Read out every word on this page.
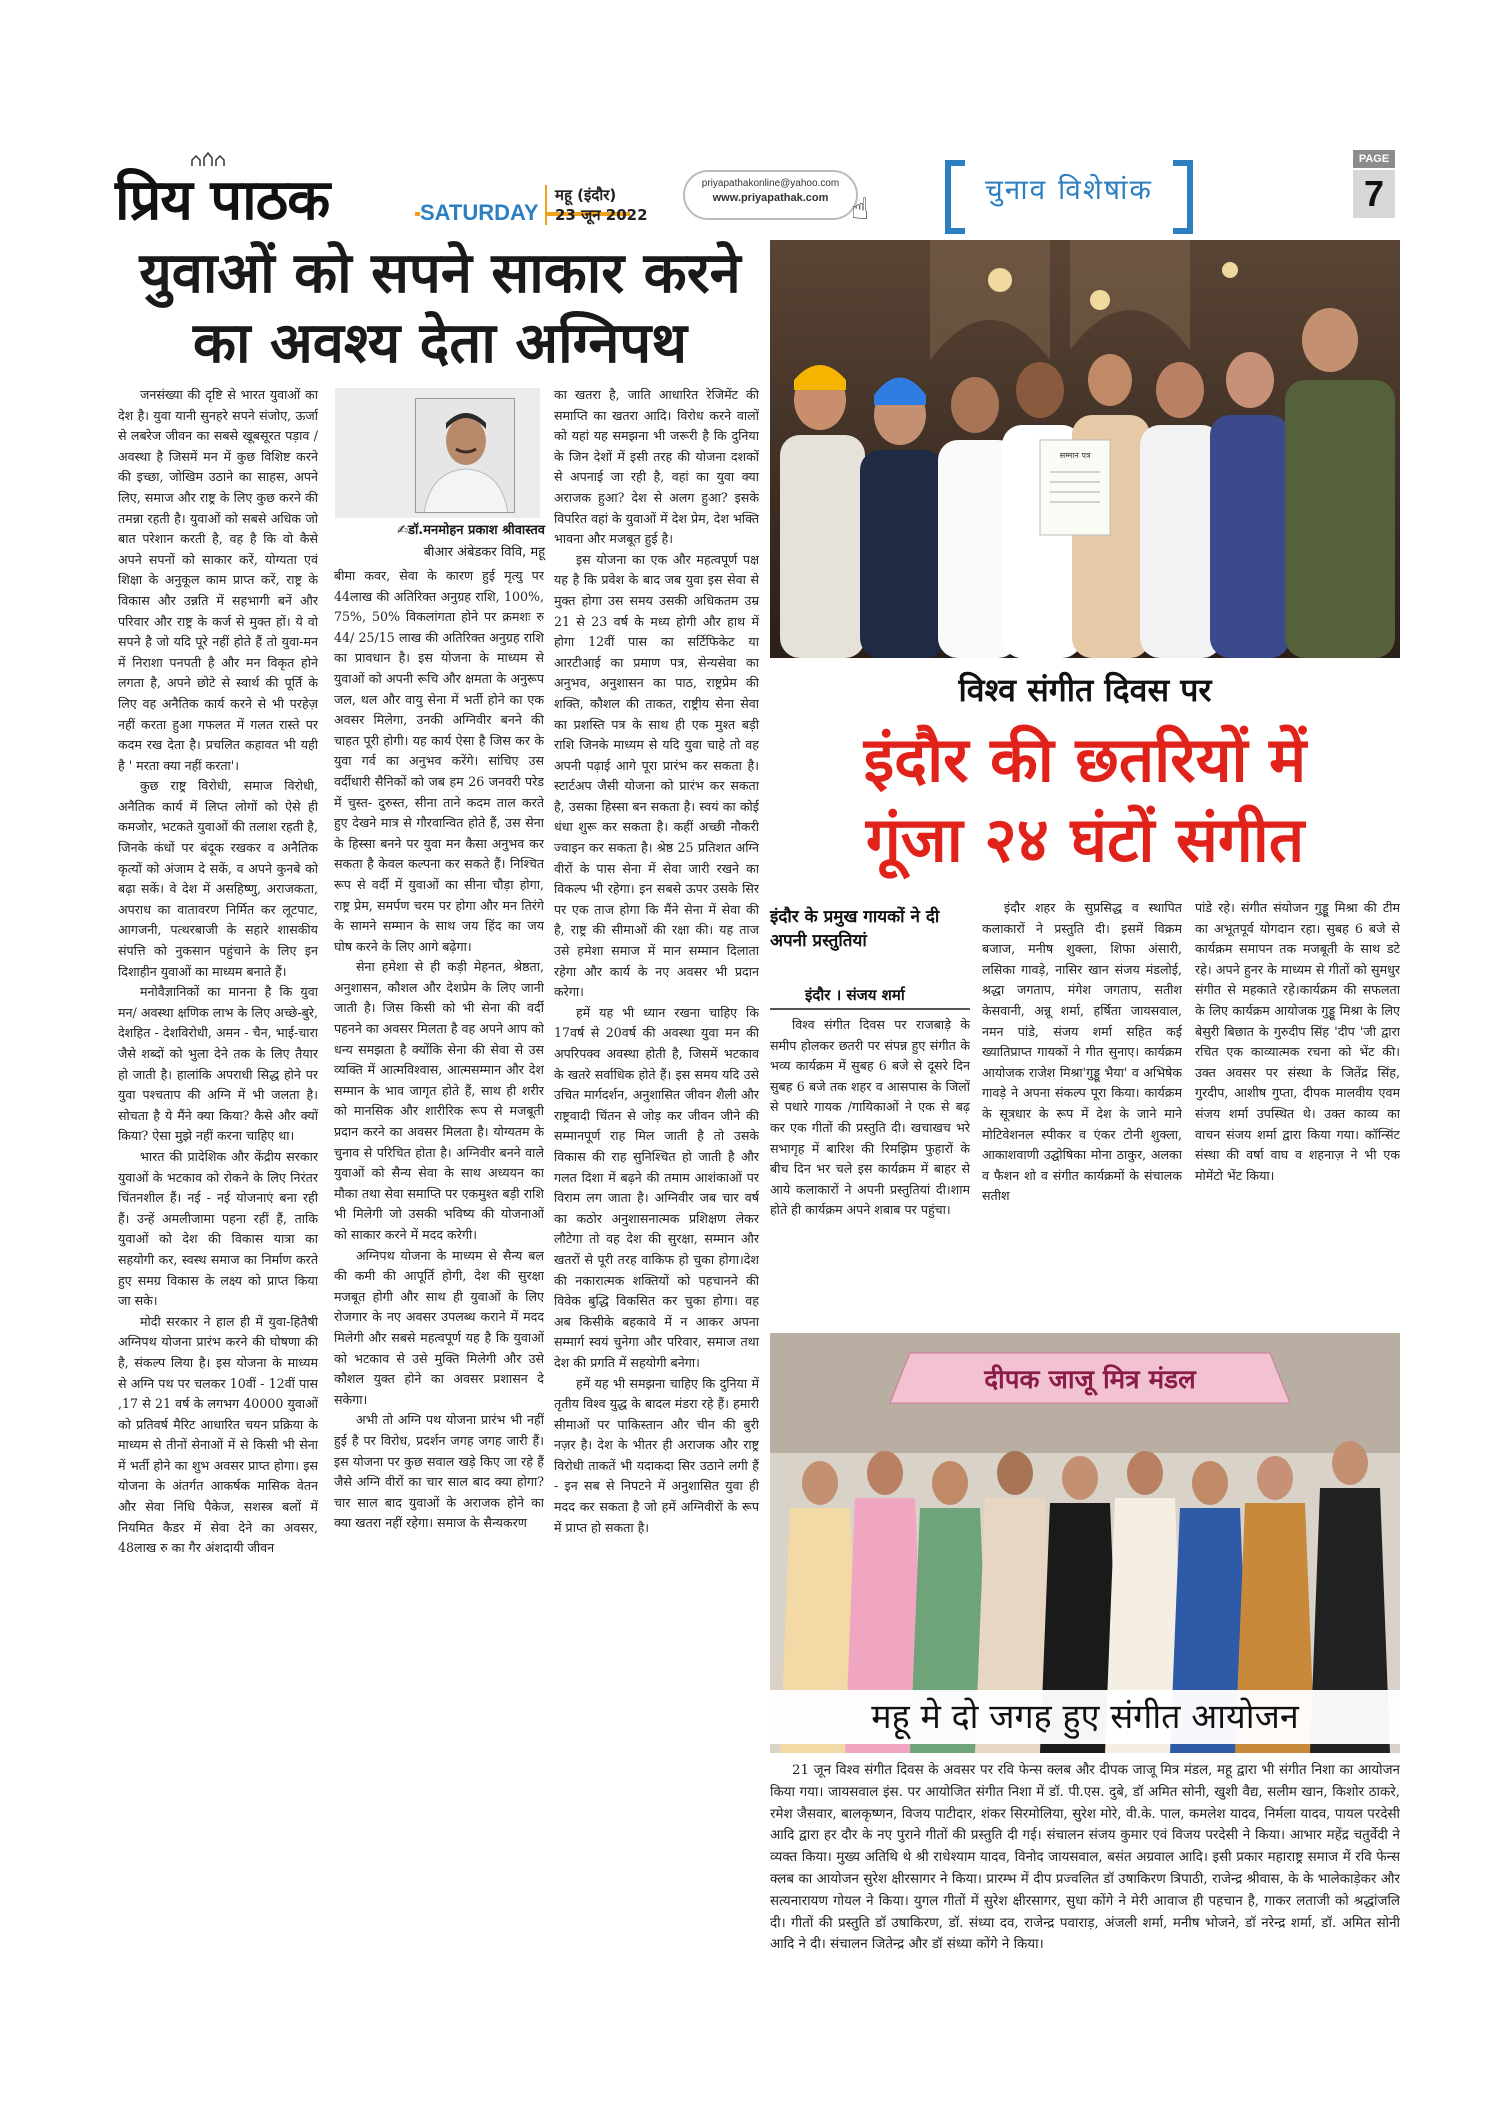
प्रिय पाठक	SATURDAY
महू (इंदौर)
23 जून 2022
priyapathakonline@yahoo.com
www.priyapathak.com ☝
चुनाव विशेषांक
PAGE
7
युवाओं को सपने साकार करने
का अवश्य देता अग्निपथ

जनसंख्या की दृष्टि से भारत युवाओं का देश है। युवा यानी सुनहरे सपने संजोए, ऊर्जा से लबरेज जीवन का सबसे खूबसूरत पड़ाव / अवस्था है जिसमें मन में कुछ विशिष्ट करने की इच्छा, जोखिम उठाने का साहस, अपने लिए, समाज और राष्ट्र के लिए कुछ करने की तमन्ना रहती है। युवाओं को सबसे अधिक जो बात परेशान करती है, वह है कि वो कैसे अपने सपनों को साकार करें, योग्यता एवं शिक्षा के अनुकूल काम प्राप्त करें, राष्ट्र के विकास और उन्नति में सहभागी बनें और परिवार और राष्ट्र के कर्ज से मुक्त हों। ये वो सपने है जो यदि पूरे नहीं होते हैं तो युवा-मन में निराशा पनपती है और मन विकृत होने लगता है, अपने छोटे से स्वार्थ की पूर्ति के लिए वह अनैतिक कार्य करने से भी परहेज़ नहीं करता हुआ गफलत में गलत रास्ते पर कदम रख देता है। प्रचलित कहावत भी यही है ' मरता क्या नहीं करता'।

कुछ राष्ट्र विरोधी, समाज विरोधी, अनैतिक कार्य में लिप्त लोगों को ऐसे ही कमजोर, भटकते युवाओं की तलाश रहती है, जिनके कंधों पर बंदूक रखकर व अनैतिक कृत्यों को अंजाम दे सकें, व अपने कुनबे को बढ़ा सकें। वे देश में असहिष्णु, अराजकता, अपराध का वातावरण निर्मित कर लूटपाट, आगजनी, पत्थरबाजी के सहारे शासकीय संपत्ति को नुकसान पहुंचाने के लिए इन दिशाहीन युवाओं का माध्यम बनाते हैं।

मनोवैज्ञानिकों का मानना है कि युवा मन/ अवस्था क्षणिक लाभ के लिए अच्छे-बुरे, देशहित - देशविरोधी, अमन - चैन, भाई-चारा जैसे शब्दों को भुला देने तक के लिए तैयार हो जाती है। हालांकि अपराधी सिद्ध होने पर युवा पश्चताप की अग्नि में भी जलता है। सोचता है ये मैंने क्या किया? कैसे और क्यों किया? ऐसा मुझे नहीं करना चाहिए था।

भारत की प्रादेशिक और केंद्रीय सरकार युवाओं के भटकाव को रोकने के लिए निरंतर चिंतनशील हैं। नई - नई योजनाएं बना रही हैं। उन्हें अमलीजामा पहना रहीं हैं, ताकि युवाओं को देश की विकास यात्रा का सहयोगी कर, स्वस्थ समाज का निर्माण करते हुए समग्र विकास के लक्ष्य को प्राप्त किया जा सके।

मोदी सरकार ने हाल ही में युवा-हितैषी अग्निपथ योजना प्रारंभ करने की घोषणा की है, संकल्प लिया है। इस योजना के माध्यम से अग्नि पथ पर चलकर 10वीं - 12वीं पास ,17 से 21 वर्ष के लगभग 40000 युवाओं को प्रतिवर्ष मैरिट आधारित चयन प्रक्रिया के माध्यम से तीनों सेनाओं में से किसी भी सेना में भर्ती होने का शुभ अवसर प्राप्त होगा। इस योजना के अंतर्गत आकर्षक मासिक वेतन और सेवा निधि पैकेज, सशस्त्र बलों में नियमित कैडर में सेवा देने का अवसर, 48लाख रु का गैर अंशदायी जीवन

✍डॉ.मनमोहन प्रकाश श्रीवास्तव
बीआर अंबेडकर विवि, महू

बीमा कवर, सेवा के कारण हुई मृत्यु पर 44लाख की अतिरिक्त अनुग्रह राशि, 100%, 75%, 50% विकलांगता होने पर क्रमशः रु 44/ 25/15 लाख की अतिरिक्त अनुग्रह राशि का प्रावधान है। इस योजना के माध्यम से युवाओं को अपनी रूचि और क्षमता के अनुरूप जल, थल और वायु सेना में भर्ती होने का एक अवसर मिलेगा, उनकी अग्निवीर बनने की चाहत पूरी होगी। यह कार्य ऐसा है जिस कर के युवा गर्व का अनुभव करेंगे। सांचिए उस वर्दीधारी सैनिकों को जब हम 26 जनवरी परेड में चुस्त- दुरुस्त, सीना ताने कदम ताल करते हुए देखने मात्र से गौरवान्वित होते हैं, उस सेना के हिस्सा बनने पर युवा मन कैसा अनुभव कर सकता है केवल कल्पना कर सकते हैं। निश्चित रूप से वर्दी में युवाओं का सीना चौड़ा होगा, राष्ट्र प्रेम, समर्पण चरम पर होगा और मन तिरंगे के सामने सम्मान के साथ जय हिंद का जय घोष करने के लिए आगे बढ़ेगा।

सेना हमेशा से ही कड़ी मेहनत, श्रेष्ठता, अनुशासन, कौशल और देशप्रेम के लिए जानी जाती है। जिस किसी को भी सेना की वर्दी पहनने का अवसर मिलता है वह अपने आप को धन्य समझता है क्योंकि सेना की सेवा से उस व्यक्ति में आत्मविश्वास, आत्मसम्मान और देश सम्मान के भाव जागृत होते हैं, साथ ही शरीर को मानसिक और शारीरिक रूप से मजबूती प्रदान करने का अवसर मिलता है। योग्यतम के चुनाव से परिचित होता है। अग्निवीर बनने वाले युवाओं को सैन्य सेवा के साथ अध्ययन का मौका तथा सेवा समाप्ति पर एकमुश्त बड़ी राशि भी मिलेगी जो उसकी भविष्य की योजनाओं को साकार करने में मदद करेगी।

अग्निपथ योजना के माध्यम से सैन्य बल की कमी की आपूर्ति होगी, देश की सुरक्षा मजबूत होगी और साथ ही युवाओं के लिए रोजगार के नए अवसर उपलब्ध कराने में मदद मिलेगी और सबसे महत्वपूर्ण यह है कि युवाओं को भटकाव से उसे मुक्ति मिलेगी और उसे कौशल युक्त होने का अवसर प्रशासन दे सकेगा।

अभी तो अग्नि पथ योजना प्रारंभ भी नहीं हुई है पर विरोध, प्रदर्शन जगह जगह जारी हैं। इस योजना पर कुछ सवाल खड़े किए जा रहे हैं जैसे अग्नि वीरों का चार साल बाद क्या होगा? चार साल बाद युवाओं के अराजक होने का क्या खतरा नहीं रहेगा। समाज के सैन्यकरण

का खतरा है, जाति आधारित रेजिमेंट की समाप्ति का खतरा आदि। विरोध करने वालों को यहां यह समझना भी जरूरी है कि दुनिया के जिन देशों में इसी तरह की योजना दशकों से अपनाई जा रही है, वहां का युवा क्या अराजक हुआ? देश से अलग हुआ? इसके विपरित वहां के युवाओं में देश प्रेम, देश भक्ति भावना और मजबूत हुई है।

इस योजना का एक और महत्वपूर्ण पक्ष यह है कि प्रवेश के बाद जब युवा इस सेवा से मुक्त होगा उस समय उसकी अधिकतम उम्र 21 से 23 वर्ष के मध्य होगी और हाथ में होगा 12वीं पास का सर्टिफिकेट या आरटीआई का प्रमाण पत्र, सेन्यसेवा का अनुभव, अनुशासन का पाठ, राष्ट्रप्रेम की शक्ति, कौशल की ताकत, राष्ट्रीय सेना सेवा का प्रशस्ति पत्र के साथ ही एक मुश्त बड़ी राशि जिनके माध्यम से यदि युवा चाहे तो वह अपनी पढ़ाई आगे पूरा प्रारंभ कर सकता है। स्टार्टअप जैसी योजना को प्रारंभ कर सकता है, उसका हिस्सा बन सकता है। स्वयं का कोई धंधा शुरू कर सकता है। कहीं अच्छी नौकरी ज्वाइन कर सकता है। श्रेष्ठ 25 प्रतिशत अग्नि वीरों के पास सेना में सेवा जारी रखने का विकल्प भी रहेगा। इन सबसे ऊपर उसके सिर पर एक ताज होगा कि मैंने सेना में सेवा की है, राष्ट्र की सीमाओं की रक्षा की। यह ताज उसे हमेशा समाज में मान सम्मान दिलाता रहेगा और कार्य के नए अवसर भी प्रदान करेगा।

हमें यह भी ध्यान रखना चाहिए कि 17वर्ष से 20वर्ष की अवस्था युवा मन की अपरिपक्व अवस्था होती है, जिसमें भटकाव के खतरे सर्वाधिक होते हैं। इस समय यदि उसे उचित मार्गदर्शन, अनुशासित जीवन शैली और राष्ट्रवादी चिंतन से जोड़ कर जीवन जीने की सम्मानपूर्ण राह मिल जाती है तो उसके विकास की राह सुनिश्चित हो जाती है और गलत दिशा में बढ़ने की तमाम आशंकाओं पर विराम लग जाता है। अग्निवीर जब चार वर्ष का कठोर अनुशासनात्मक प्रशिक्षण लेकर लौटेगा तो वह देश की सुरक्षा, सम्मान और खतरों से पूरी तरह वाकिफ हो चुका होगा।देश की नकारात्मक शक्तियों को पहचानने की विवेक बुद्धि विकसित कर चुका होगा। वह अब किसीके बहकावे में न आकर अपना सम्मार्ग स्वयं चुनेगा और परिवार, समाज तथा देश की प्रगति में सहयोगी बनेगा।

हमें यह भी समझना चाहिए कि दुनिया में तृतीय विश्व युद्ध के बादल मंडरा रहे हैं। हमारी सीमाओं पर पाकिस्तान और चीन की बुरी नज़र है। देश के भीतर ही अराजक और राष्ट्र विरोधी ताकतें भी यदाकदा सिर उठाने लगी हैं - इन सब से निपटने में अनुशासित युवा ही मदद कर सकता है जो हमें अग्निवीरों के रूप में प्राप्त हो सकता है।

सम्मान पत्र
विश्व संगीत दिवस पर
इंदौर की छतरियों में
गूंजा २४ घंटों संगीत
इंदौर के प्रमुख गायकों ने दी अपनी प्रस्तुतियां
इंदौर । संजय शर्मा

विश्व संगीत दिवस पर राजबाड़े के समीप होलकर छतरी पर संपन्न हुए संगीत के भव्य कार्यक्रम में सुबह 6 बजे से दूसरे दिन सुबह 6 बजे तक शहर व आसपास के जिलों से पधारे गायक /गायिकाओं ने एक से बढ़ कर एक गीतों की प्रस्तुति दी। खचाखच भरे सभागृह में बारिश की रिमझिम फुहारों के बीच दिन भर चले इस कार्यक्रम में बाहर से आये कलाकारों ने अपनी प्रस्तुतियां दी।शाम होते ही कार्यक्रम अपने शबाब पर पहुंचा।

इंदौर शहर के सुप्रसिद्ध व स्थापित कलाकारों ने प्रस्तुति दी। इसमें विक्रम बजाज, मनीष शुक्ला, शिफा अंसारी, लसिका गावड़े, नासिर खान संजय मंडलोई, श्रद्धा जगताप, मंगेश जगताप, सतीश केसवानी, अन्नू शर्मा, हर्षिता जायसवाल, नमन पांडे, संजय शर्मा सहित कई ख्यातिप्राप्त गायकों ने गीत सुनाए। कार्यक्रम आयोजक राजेश मिश्रा'गुड्डू भैया' व अभिषेक गावड़े ने अपना संकल्प पूरा किया। कार्यक्रम के सूत्रधार के रूप में देश के जाने माने मोटिवेशनल स्पीकर व एंकर टोनी शुक्ला, आकाशवाणी उद्घोषिका मोना ठाकुर, अलका व फैशन शो व संगीत कार्यक्रमों के संचालक सतीश

पांडे रहे। संगीत संयोजन गुड्डू मिश्रा की टीम का अभूतपूर्व योगदान रहा। सुबह 6 बजे से कार्यक्रम समापन तक मजबूती के साथ डटे रहे। अपने हुनर के माध्यम से गीतों को सुमधुर संगीत से महकाते रहे।कार्यक्रम की सफलता के लिए कार्यक्रम आयोजक गुड्डू मिश्रा के लिए बेसुरी बिछात के गुरुदीप सिंह 'दीप 'जी द्वारा रचित एक काव्यात्मक रचना को भेंट की। उक्त अवसर पर संस्था के जितेंद्र सिंह, गुरदीप, आशीष गुप्ता, दीपक मालवीय एवम संजय शर्मा उपस्थित थे। उक्त काव्य का वाचन संजय शर्मा द्वारा किया गया। कॉन्सिंट संस्था की वर्षा वाघ व शहनाज़ ने भी एक मोमेंटो भेंट किया।

दीपक जाजू मित्र मंडल
महू मे दो जगह हुए संगीत आयोजन

21 जून विश्व संगीत दिवस के अवसर पर रवि फेन्स क्लब और दीपक जाजू मित्र मंडल, महू द्वारा भी संगीत निशा का आयोजन किया गया। जायसवाल इंस. पर आयोजित संगीत निशा में डॉ. पी.एस. दुबे, डॉ अमित सोनी, खुशी वैद्य, सलीम खान, किशोर ठाकरे, रमेश जैसवार, बालकृष्णन, विजय पाटीदार, शंकर सिरमोलिया, सुरेश मोरे, वी.के. पाल, कमलेश यादव, निर्मला यादव, पायल परदेसी आदि द्वारा हर दौर के नए पुराने गीतों की प्रस्तुति दी गई। संचालन संजय कुमार एवं विजय परदेसी ने किया। आभार महेंद्र चतुर्वेदी ने व्यक्त किया। मुख्य अतिथि थे श्री राधेश्याम यादव, विनोद जायसवाल, बसंत अग्रवाल आदि। इसी प्रकार महाराष्ट्र समाज में रवि फेन्स क्लब का आयोजन सुरेश क्षीरसागर ने किया। प्रारम्भ में दीप प्रज्वलित डॉ उषाकिरण त्रिपाठी, राजेन्द्र श्रीवास, के के भालेकाड़ेकर और सत्यनारायण गोयल ने किया। युगल गीतों में सुरेश क्षीरसागर, सुधा कोंगे ने मेरी आवाज ही पहचान है, गाकर लताजी को श्रद्धांजलि दी। गीतों की प्रस्तुति डॉ उषाकिरण, डॉ. संध्या दव, राजेन्द्र पवाराड़, अंजली शर्मा, मनीष भोजने, डॉ नरेन्द्र शर्मा, डॉ. अमित सोनी आदि ने दी। संचालन जितेन्द्र और डॉ संध्या कोंगे ने किया।
